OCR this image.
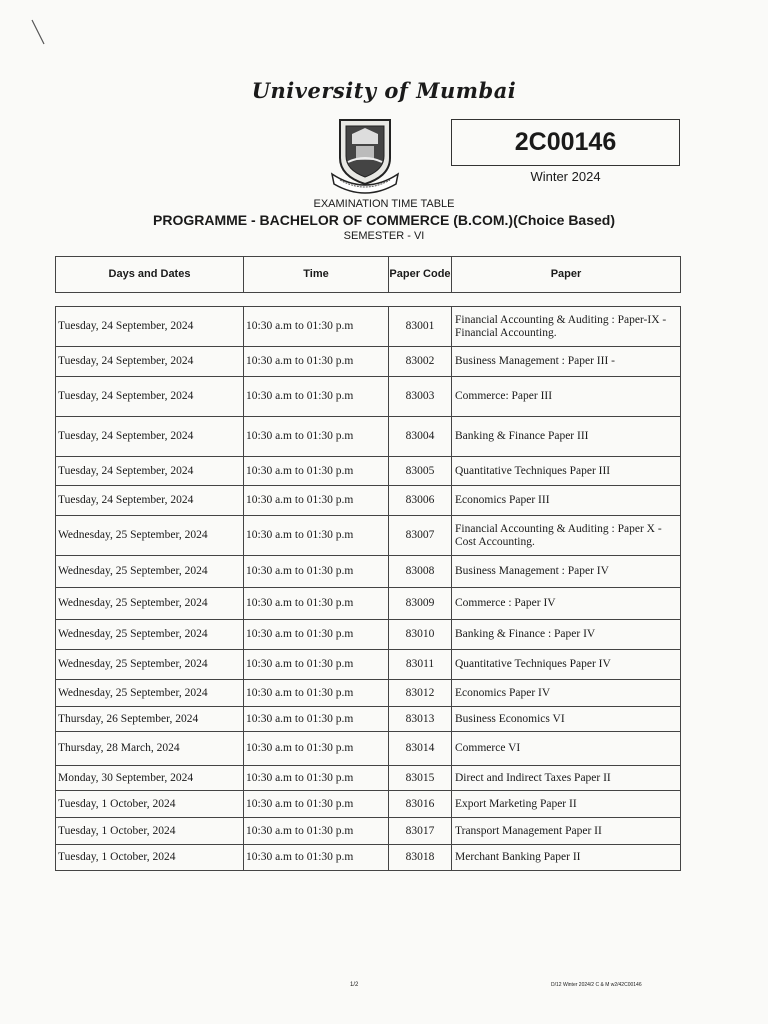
University of Mumbai
2C00146
Winter 2024
EXAMINATION TIME TABLE
PROGRAMME - BACHELOR OF COMMERCE (B.COM.)(Choice Based)
SEMESTER - VI
Days and Dates	Time	Paper Code	Paper
Tuesday, 24 September, 2024	10:30 a.m to 01:30 p.m	83001
Financial Accounting & Auditing : Paper-IX - Financial Accounting.
Tuesday, 24 September, 2024	10:30 a.m to 01:30 p.m	83002	Business Management : Paper III -
Tuesday, 24 September, 2024	10:30 a.m to 01:30 p.m	83003	Commerce: Paper III
Tuesday, 24 September, 2024	10:30 a.m to 01:30 p.m	83004	Banking & Finance Paper III
Tuesday, 24 September, 2024	10:30 a.m to 01:30 p.m	83005	Quantitative Techniques Paper III
Tuesday, 24 September, 2024	10:30 a.m to 01:30 p.m	83006	Economics Paper III
Wednesday, 25 September, 2024	10:30 a.m to 01:30 p.m	83007
Financial Accounting & Auditing : Paper X - Cost Accounting.
Wednesday, 25 September, 2024	10:30 a.m to 01:30 p.m	83008	Business Management : Paper IV
Wednesday, 25 September, 2024	10:30 a.m to 01:30 p.m	83009	Commerce : Paper IV
Wednesday, 25 September, 2024	10:30 a.m to 01:30 p.m	83010	Banking & Finance : Paper IV
Wednesday, 25 September, 2024	10:30 a.m to 01:30 p.m	83011	Quantitative Techniques Paper IV
Wednesday, 25 September, 2024	10:30 a.m to 01:30 p.m	83012	Economics Paper IV
Thursday, 26 September, 2024	10:30 a.m to 01:30 p.m	83013	Business Economics VI
Thursday, 28 March, 2024	10:30 a.m to 01:30 p.m	83014	Commerce VI
Monday, 30 September, 2024	10:30 a.m to 01:30 p.m	83015	Direct and Indirect Taxes Paper II
Tuesday, 1 October, 2024	10:30 a.m to 01:30 p.m	83016	Export Marketing Paper II
Tuesday, 1 October, 2024	10:30 a.m to 01:30 p.m	83017	Transport Management Paper II
Tuesday, 1 October, 2024	10:30 a.m to 01:30 p.m	83018	Merchant Banking Paper II
1/2	D/12 Winter 2024/2 C & M w2/42C00146
